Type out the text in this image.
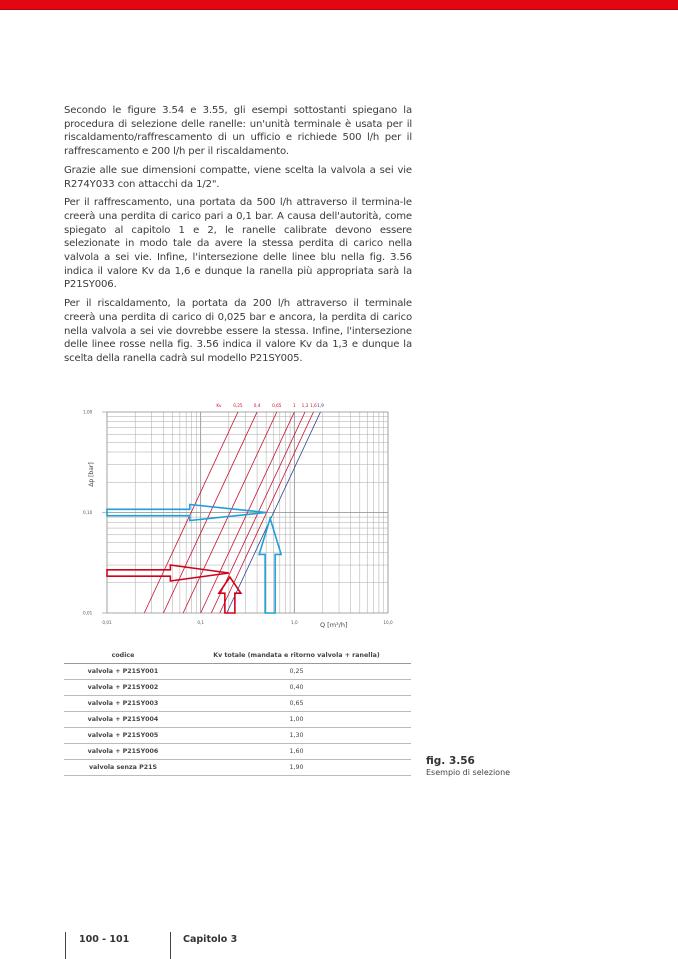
Secondo le figure 3.54 e 3.55, gli esempi sottostanti spiegano la procedura di selezione delle ranelle: un'unità terminale è usata per il riscaldamento/raffrescamento di un ufficio e richiede 500 l/h per il raffrescamento e 200 l/h per il riscaldamento.

Grazie alle sue dimensioni compatte, viene scelta la valvola a sei vie R274Y033 con attacchi da 1/2".

Per il raffrescamento, una portata da 500 l/h attraverso il termina-le creerà una perdita di carico pari a 0,1 bar. A causa dell'autorità, come spiegato al capitolo 1 e 2, le ranelle calibrate devono essere selezionate in modo tale da avere la stessa perdita di carico nella valvola a sei vie. Infine, l'intersezione delle linee blu nella fig. 3.56 indica il valore Kv da 1,6 e dunque la ranella più appropriata sarà la P21SY006.

Per il riscaldamento, la portata da 200 l/h attraverso il terminale creerà una perdita di carico di 0,025 bar e ancora, la perdita di carico nella valvola a sei vie dovrebbe essere la stessa. Infine, l'intersezione delle linee rosse nella fig. 3.56 indica il valore Kv da 1,3 e dunque la scelta della ranella cadrà sul modello P21SY005.

1,00
0,10
0,01
0,01	0,1	1,0	10,0
Q [m³/h]
Δp [bar]
Kv	0,25	0,4	0,65	1 1,3 1,6 1,9
codice	Kv totale (mandata e ritorno valvola + ranella)
valvola + P21SY001	0,25
valvola + P21SY002	0,40
valvola + P21SY003	0,65
valvola + P21SY004	1,00
valvola + P21SY005	1,30
valvola + P21SY006	1,60
valvola senza P21S	1,90
fig. 3.56
Esempio di selezione
100 - 101	Capitolo 3
